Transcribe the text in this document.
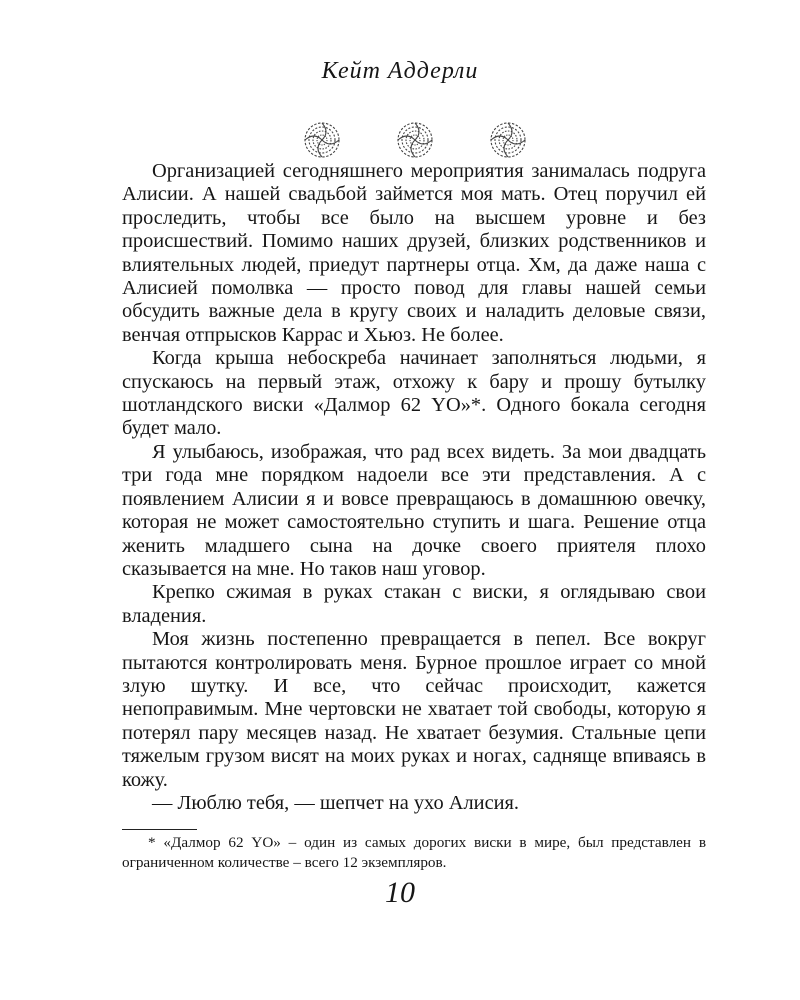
Кейт Аддерли

Организацией сегодняшнего мероприятия занималась подруга Алисии. А нашей свадьбой займется моя мать. Отец поручил ей проследить, чтобы все было на высшем уровне и без происшествий. Помимо наших друзей, близких родственников и влиятельных людей, приедут партнеры отца. Хм, да даже наша с Алисией помолвка — просто повод для главы нашей семьи обсудить важные дела в кругу своих и наладить деловые связи, венчая отпрысков Каррас и Хьюз. Не более.

Когда крыша небоскреба начинает заполняться людьми, я спускаюсь на первый этаж, отхожу к бару и прошу бутылку шотландского виски «Далмор 62 YO»*. Одного бокала сегодня будет мало.

Я улыбаюсь, изображая, что рад всех видеть. За мои двадцать три года мне порядком надоели все эти представления. А с появлением Алисии я и вовсе превращаюсь в домашнюю овечку, которая не может самостоятельно ступить и шага. Решение отца женить младшего сына на дочке своего приятеля плохо сказывается на мне. Но таков наш уговор.

Крепко сжимая в руках стакан с виски, я оглядываю свои владения.

Моя жизнь постепенно превращается в пепел. Все вокруг пытаются контролировать меня. Бурное прошлое играет со мной злую шутку. И все, что сейчас происходит, кажется непоправимым. Мне чертовски не хватает той свободы, которую я потерял пару месяцев назад. Не хватает безумия. Стальные цепи тяжелым грузом висят на моих руках и ногах, саднящe впиваясь в кожу.

— Люблю тебя, — шепчет на ухо Алисия.

* «Далмор 62 YO» – один из самых дорогих виски в мире, был представлен в ограниченном количестве – всего 12 экземпляров.

10
